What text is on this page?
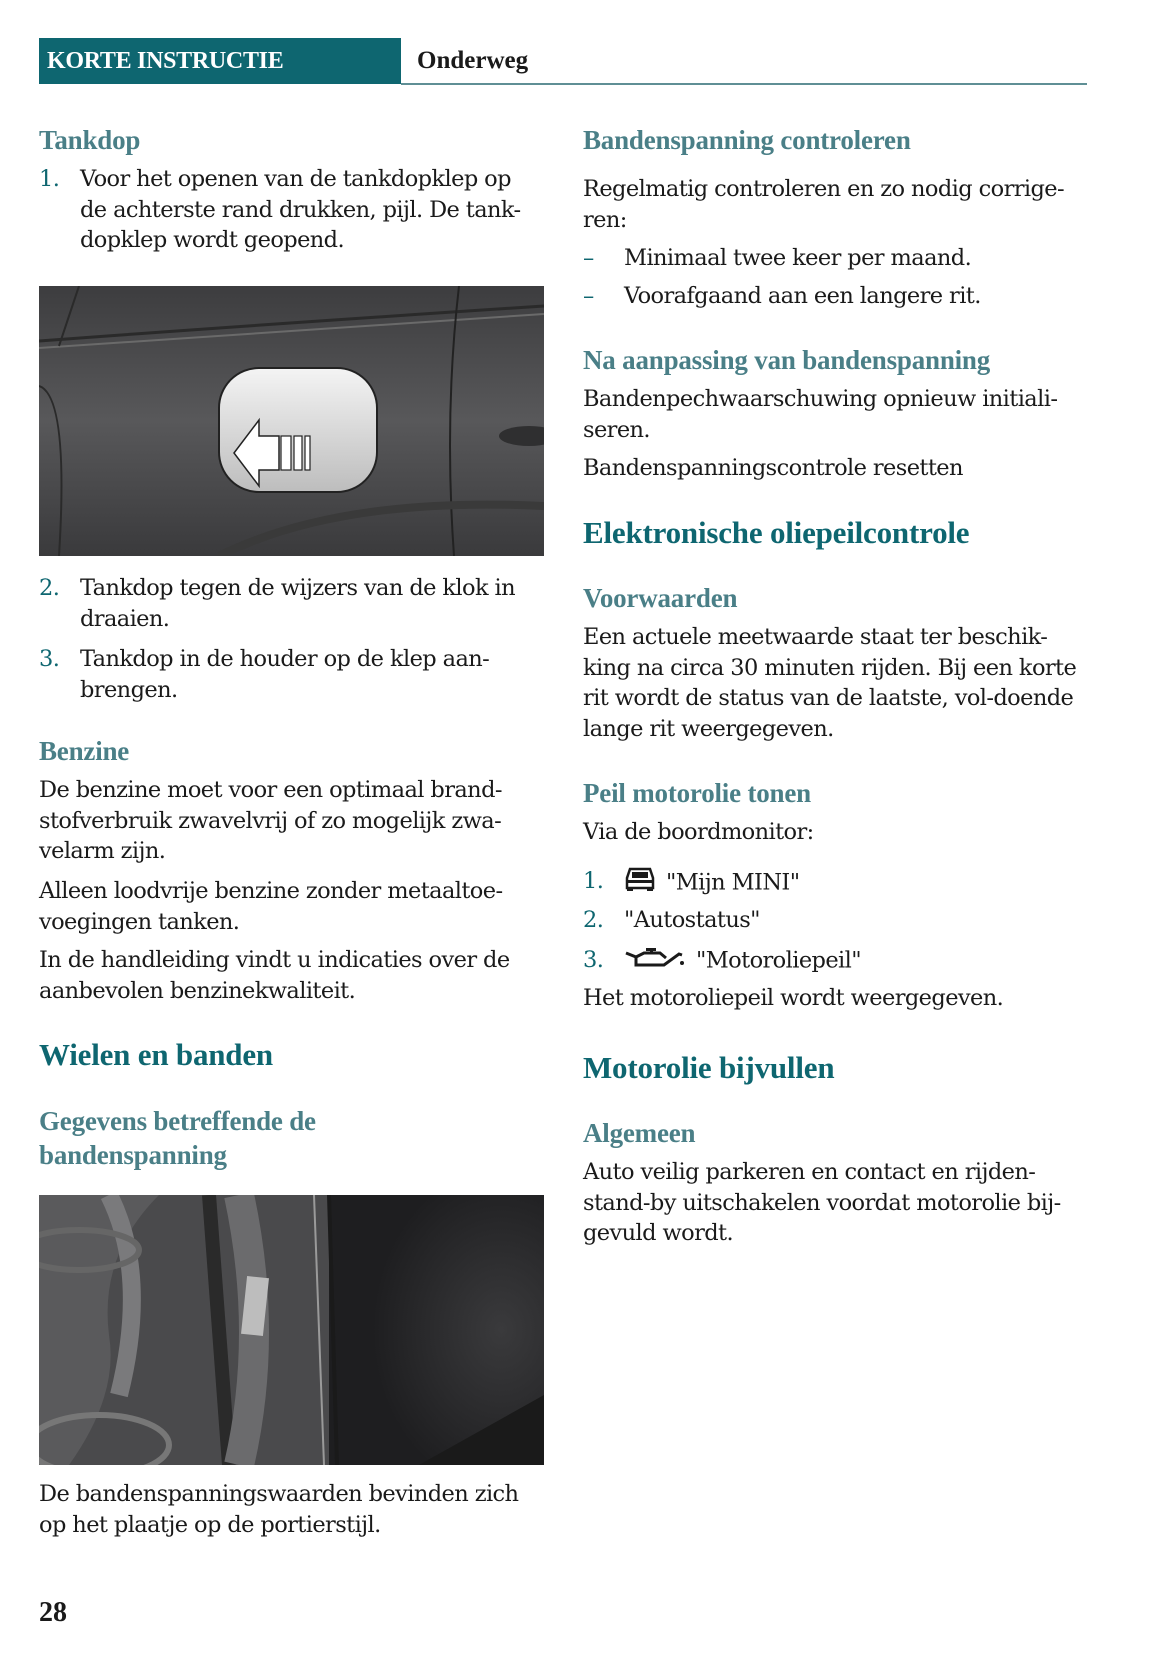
KORTE INSTRUCTIE	Onderweg
Tankdop
1. Voor het openen van de tankdopklep op de achterste rand drukken, pijl. De tank-dopklep wordt geopend.
2. Tankdop tegen de wijzers van de klok in draaien.
3. Tankdop in de houder op de klep aan-brengen.
Benzine
De benzine moet voor een optimaal brand-stofverbruik zwavelvrij of zo mogelijk zwa-velarm zijn.
Alleen loodvrije benzine zonder metaaltoe-voegingen tanken.
In de handleiding vindt u indicaties over de aanbevolen benzinekwaliteit.
Wielen en banden
Gegevens betreffende de bandenspanning
De bandenspanningswaarden bevinden zich op het plaatje op de portierstijl.
Bandenspanning controleren
Regelmatig controleren en zo nodig corrige-ren:
–	Minimaal twee keer per maand.
–	Voorafgaand aan een langere rit.
Na aanpassing van bandenspanning
Bandenpechwaarschuwing opnieuw initiali-seren.
Bandenspanningscontrole resetten
Elektronische oliepeilcontrole
Voorwaarden
Een actuele meetwaarde staat ter beschik-king na circa 30 minuten rijden. Bij een korte rit wordt de status van de laatste, vol-doende lange rit weergegeven.
Peil motorolie tonen
Via de boordmonitor:
1.	"Mijn MINI"
2. "Autostatus"
3.	"Motoroliepeil"
Het motoroliepeil wordt weergegeven.
Motorolie bijvullen
Algemeen
Auto veilig parkeren en contact en rijden-stand-by uitschakelen voordat motorolie bij-gevuld wordt.
28
